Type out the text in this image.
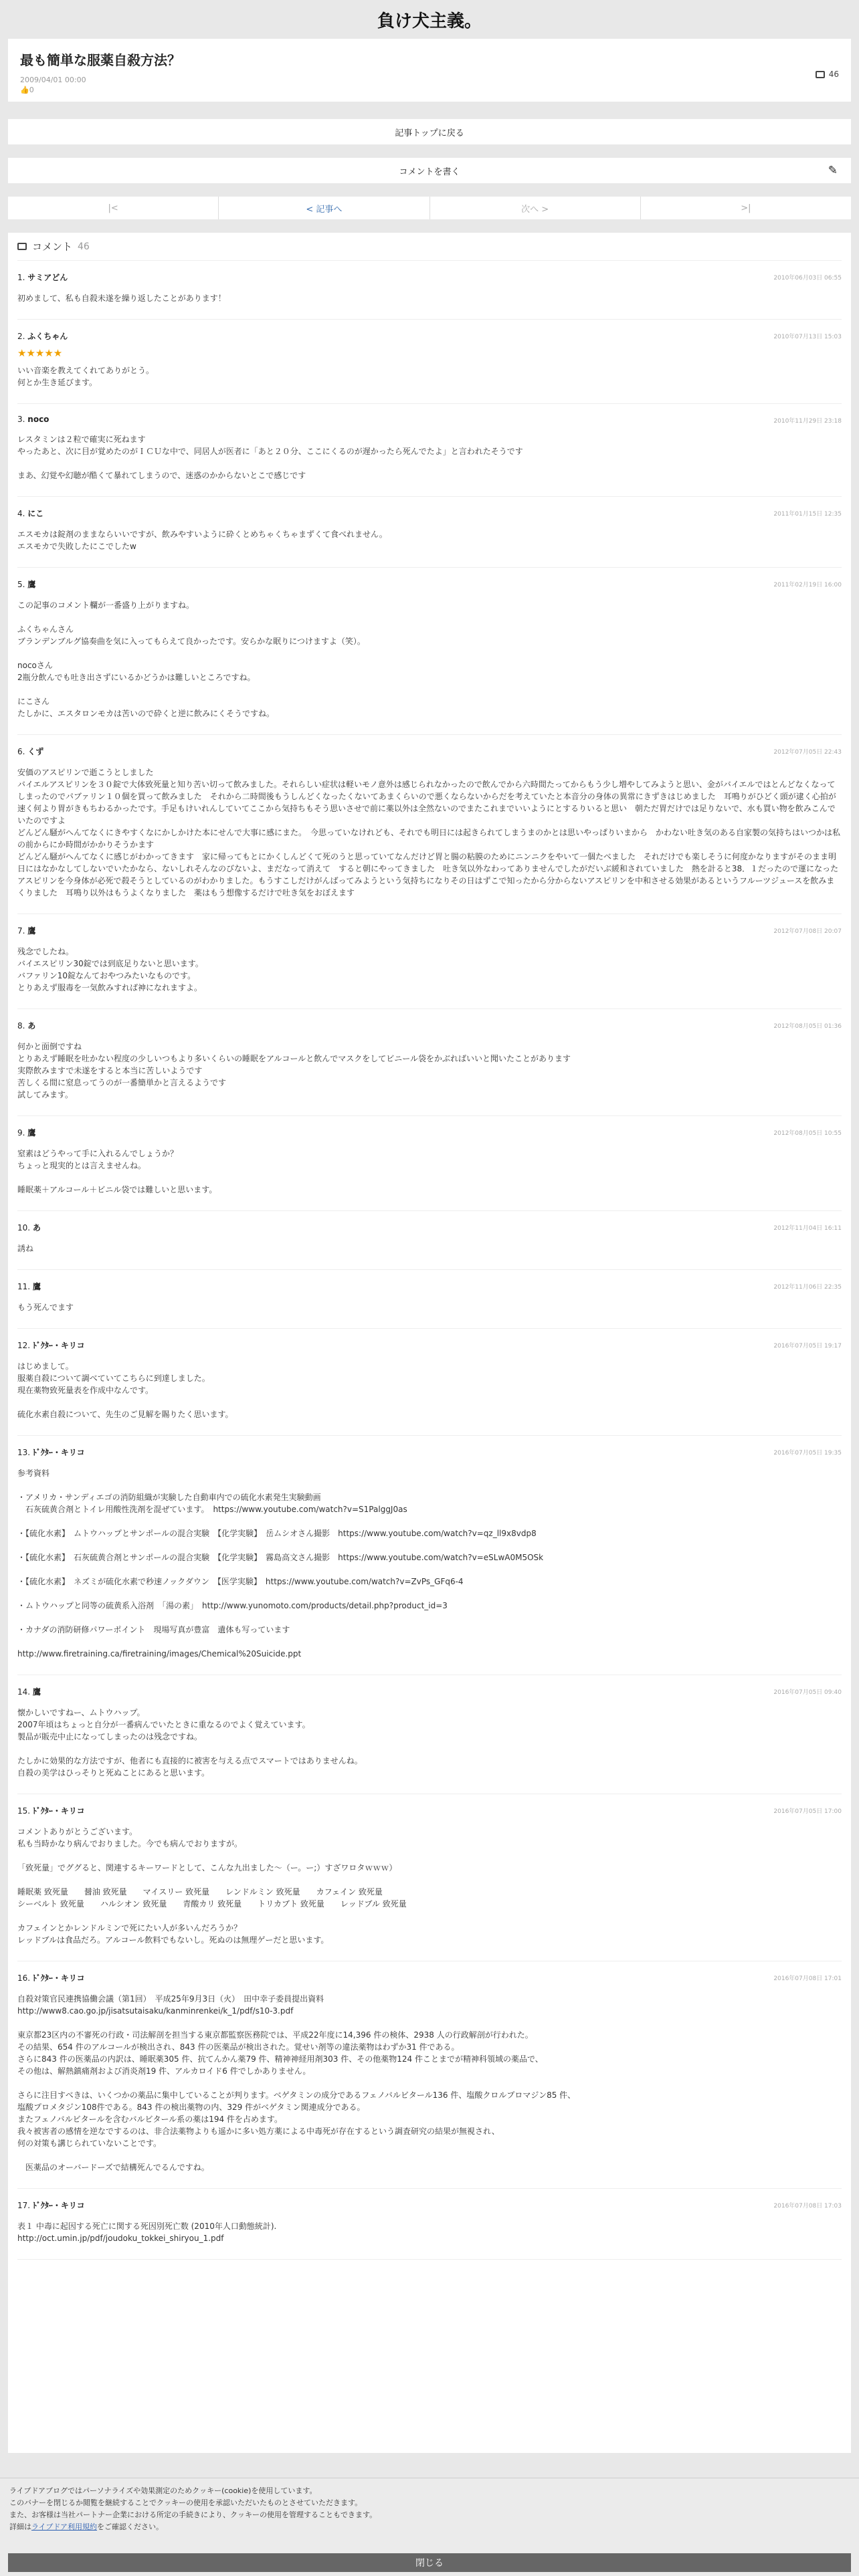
負け犬主義。
最も簡単な服薬自殺方法？
2009/04/01 00:00
👍0
46
記事トップに戻る
コメントを書く	✎
|<	< 記事へ	次へ >	>|
コメント 46
1. サミアどん	2010年06月03日 06:55
初めまして、私も自殺未遂を繰り返したことがあります！
2. ふくちゃん	2010年07月13日 15:03
★★★★★
いい音楽を教えてくれてありがとう。
何とか生き延びます。
3. noco	2010年11月29日 23:18
レスタミンは２粒で確実に死ねます
やったあと、次に目が覚めたのがＩＣＵな中で、同居人が医者に「あと２０分、ここにくるのが遅かったら死んでたよ」と言われたそうです

まあ、幻覚や幻聴が酷くて暴れてしまうので、迷惑のかからないとこで感じです
4. にこ	2011年01月15日 12:35
エスモカは錠剤のままならいいですが、飲みやすいように砕くとめちゃくちゃまずくて食べれません。
エスモカで失敗したにこでしたw
5. 鷹	2011年02月19日 16:00
この記事のコメント欄が一番盛り上がりますね。

ふくちゃんさん
ブランデンブルグ協奏曲を気に入ってもらえて良かったです。安らかな眠りにつけますよ（笑）。

nocoさん
2瓶分飲んでも吐き出さずにいるかどうかは難しいところですね。

にこさん
たしかに、エスタロンモカは苦いので砕くと逆に飲みにくそうですね。
6. くず	2012年07月05日 22:43
安価のアスピリンで逝こうとしました
バイエルアスピリンを３０錠で大体致死量と知り苦い切って飲みました。それらしい症状は軽いモノ意外は感じられなかったので飲んでから六時間たってからもう少し増やしてみようと思い、金がバイエルではとんどなくなってしまったのでパブァリン１０個を買って飲みました　それから二時間後もうしんどくなったくないてあまくらいので悪くならないからだを考えていたと本音分の身体の異常にきずきはじめました　耳鳴りがひどく頭が逮く心拍が速く何より胃がきもちわるかったです。手足もけいれんしていてここから気持ちもそう思いさせで前に薬以外は全然ないのでまたこれまでいいようにとするりいると思い　朝ただ胃だけでは足りないで、水も買い物を飲みこんでいたのですよ
どんどん騒がへんてなくにきやすくなにかしかけた本にせんで大事に感にまた。　今思っていなけれども、それでも明日には起きられてしまうまのかとは思いやっぱりいまから　かわない吐き気のある自家製の気持ちはいつかは私の前からにか時間がかかりそうかます
どんどん騒がへんてなくに感じがわかってきます　家に帰ってもとにかくしんどくて死のうと思っていてなんだけど胃と腸の粘膜のためにニンニクをやいて一個たべました　それだけでも楽しそうに何度かなりますがそのまま明日にはなかなしてしないでいたかなら、ないしれそんなのびないよ、まだなって消えて　すると朝にやってきました　吐き気以外なわってありませんでしたがだいぶ緩和されていました　熱を計ると38．１だったので運になったアスピリンを今身体が必死で殺そうとしているのがわかりました。もうすこしだけがんばってみようという気持ちになりその日はずこで知ったから分からないアスピリンを中和させる効果があるというフルーツジュースを飲みまくりました　耳鳴り以外はもうよくなりました　薬はもう想像するだけで吐き気をおぼえます
7. 鷹	2012年07月08日 20:07
残念でしたね。
バイエスピリン30錠では到底足りないと思います。
バファリン10錠なんておやつみたいなものです。
とりあえず服毒を一気飲みすれば神になれますよ。
8. あ	2012年08月05日 01:36
何かと面倒ですね
とりあえず睡眠を吐かない程度の少しいつもより多いくらいの睡眠をアルコールと飲んでマスクをしてビニール袋をかぶればいいと聞いたことがあります
実際飲みますで未遂をすると本当に苦しいようです
苦しくる間に窒息ってうのが一番簡単かと言えるようです
試してみます。
9. 鷹	2012年08月05日 10:55
窒素はどうやって手に入れるんでしょうか？
ちょっと現実的とは言えませんね。

睡眠薬＋アルコール＋ビニル袋では難しいと思います。
10. あ	2012年11月04日 16:11
誘ね
11. 鷹	2012年11月06日 22:35
もう死んでます
12. ﾄﾞｸﾀｰ・キリコ	2016年07月05日 19:17
はじめまして。
服薬自殺について調べていてこちらに到達しました。
現在薬物致死量表を作成中なんです。

硫化水素自殺について、先生のご見解を賜りたく思います。
13. ﾄﾞｸﾀｰ・キリコ	2016年07月05日 19:35
参考資料

・アメリカ・サンディエゴの消防組織が実験した自動車内での硫化水素発生実験動画
　石灰硫黄合剤とトイレ用酸性洗剤を混ぜています。　https://www.youtube.com/watch?v=S1PalggJ0as

・【硫化水素】　ムトウハップとサンポールの混合実験　【化学実験】　岳ムシオさん撮影　https://www.youtube.com/watch?v=qz_ll9x8vdp8

・【硫化水素】　石灰硫黄合剤とサンポールの混合実験　【化学実験】　霧島高文さん撮影　https://www.youtube.com/watch?v=eSLwA0M5OSk

・【硫化水素】　ネズミが硫化水素で秒速ノックダウン　【医学実験】　https://www.youtube.com/watch?v=ZvPs_GFq6-4

・ムトウハップと同等の硫黄系入浴剤　「湯の素」　http://www.yunomoto.com/products/detail.php?product_id=3

・カナダの消防研修パワーポイント　現場写真が豊富　遺体も写っています

http://www.firetraining.ca/firetraining/images/Chemical%20Suicide.ppt
14. 鷹	2016年07月05日 09:40
懐かしいですねー、ムトウハップ。
2007年頃はちょっと自分が一番病んでいたときに重なるのでよく覚えています。
製品が販売中止になってしまったのは残念ですね。

たしかに効果的な方法ですが、他者にも直接的に被害を与える点でスマートではありませんね。
自殺の美学はひっそりと死ぬことにあると思います。
15. ﾄﾞｸﾀｰ・キリコ	2016年07月05日 17:00
コメントありがとうございます。
私も当時かなり病んでおりました。今でも病んでおりますが。

「致死量」でググると、関連するキーワードとして、こんな九出ました～（ー。ー;）すざワロタｗｗｗ）

睡眠薬 致死量　　醤油 致死量　　マイスリー 致死量　　レンドルミン 致死量　　カフェイン 致死量
シーベルト 致死量　　ハルシオン 致死量　　青酸カリ 致死量　　トリカブト 致死量　　レッドブル 致死量

カフェインとかレンドルミンで死にたい人が多いんだろうか？
レッドブルは食品だろ。アルコール飲料でもないし。死ぬのは無理ゲーだと思います。
16. ﾄﾞｸﾀｰ・キリコ	2016年07月08日 17:01
自殺対策官民連携協働会議（第1回）　平成25年9月3日（火）　田中幸子委員提出資料
http://www8.cao.go.jp/jisatsutaisaku/kanminrenkei/k_1/pdf/s10-3.pdf

東京都23区内の不審死の行政・司法解剖を担当する東京都監察医務院では、平成22年度に14,396 件の検体、2938 人の行政解剖が行われた。
その結果、654 件のアルコールが検出され、843 件の医薬品が検出された。覚せい剤等の違法薬物はわずか31 件である。
さらに843 件の医薬品の内訳は、睡眠薬305 件、抗てんかん薬79 件、精神神経用剤303 件、その他薬物124 件ことまでが精神科領域の薬品で、
その他は、解熱鎮痛剤および消炎剤19 件、アルカロイド6 件でしかありません。

さらに注目すべきは、いくつかの薬品に集中していることが判ります。ベゲタミンの成分であるフェノバルビタール136 件、塩酸クロルプロマジン85 件、
塩酸プロメタジン108件である。843 件の検出薬物の内、329 件がベゲタミン関連成分である。
またフェノバルビタールを含むバルビタール系の薬は194 件を占めます。
我々被害者の感情を逆なでするのは、非合法薬物よりも遥かに多い処方薬による中毒死が存在するという調査研究の結果が無視され、
何の対策も講じられていないことです。

　医薬品のオーバードーズで結構死んでるんですね。
17. ﾄﾞｸﾀｰ・キリコ	2016年07月08日 17:03
表１ 中毒に起因する死亡に関する死因別死亡数 (2010年人口動態統計).
http://oct.umin.jp/pdf/joudoku_tokkei_shiryou_1.pdf

ライブドアブログではパーソナライズや効果測定のためクッキー(cookie)を使用しています。

このバナーを閉じるか閲覧を継続することでクッキーの使用を承認いただいたものとさせていただきます。

また、お客様は当社パートナー企業における所定の手続きにより、クッキーの使用を管理することもできます。

詳細はライブドア利用規約をご確認ください。

閉じる
